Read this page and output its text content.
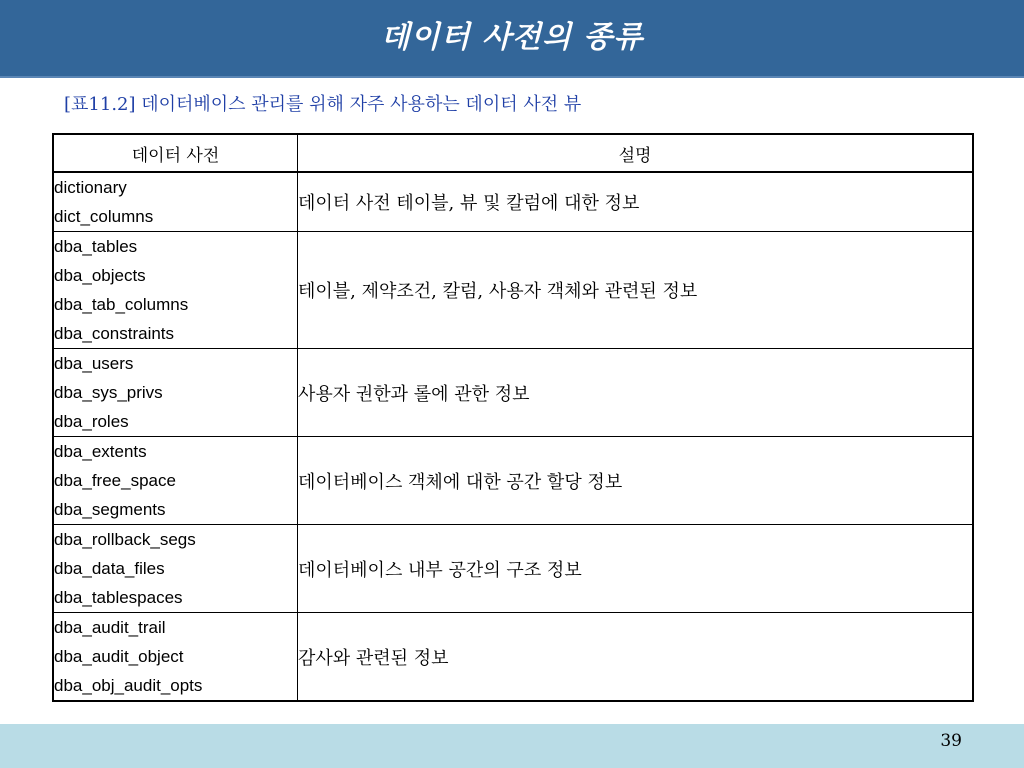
데이터 사전의 종류
[표11.2] 데이터베이스 관리를 위해 자주 사용하는 데이터 사전 뷰
데이터 사전	설명

dictionary
dict_columns	데이터 사전 테이블, 뷰 및 칼럼에 대한 정보

dba_tables
dba_objects
dba_tab_columns
dba_constraints	테이블, 제약조건, 칼럼, 사용자 객체와 관련된 정보

dba_users
dba_sys_privs
dba_roles	사용자 권한과 롤에 관한 정보

dba_extents
dba_free_space
dba_segments	데이터베이스 객체에 대한 공간 할당 정보

dba_rollback_segs
dba_data_files
dba_tablespaces	데이터베이스 내부 공간의 구조 정보

dba_audit_trail
dba_audit_object
dba_obj_audit_opts	감사와 관련된 정보
39
